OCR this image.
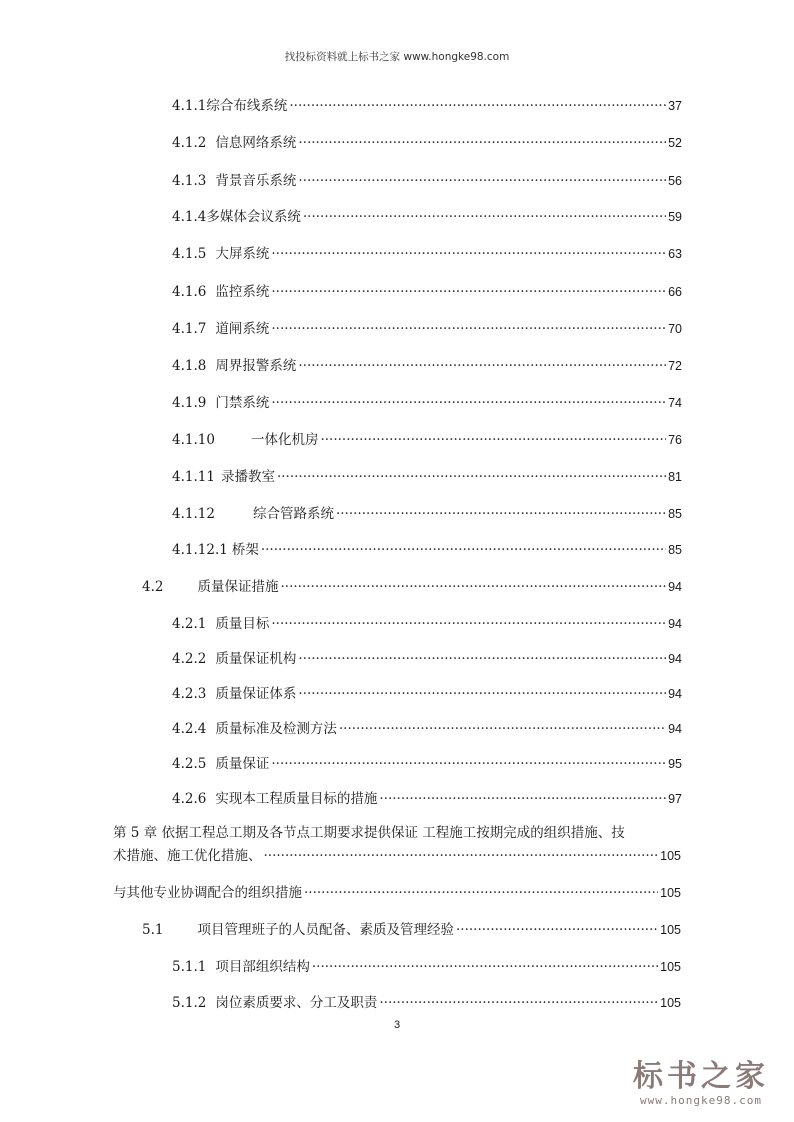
找投标资料就上标书之家 www.hongke98.com
4.1.1 综合布线系统 ·····	37
4.1.2 信息网络系统 ·····	52
4.1.3 背景音乐系统 ·····	56
4.1.4 多媒体会议系统 ·····	59
4.1.5 大屏系统 ·····	63
4.1.6 监控系统 ·····	66
4.1.7 道闸系统 ·····	70
4.1.8 周界报警系统 ·····	72
4.1.9 门禁系统 ·····	74
4.1.10	一体化机房 ·····	76
4.1.11 录播教室 ·····	81
4.1.12	综合管路系统 ·····	85
4.1.12.1 桥架 ·····	85
4.2	质量保证措施 ·····	94
4.2.1 质量目标 ·····	94
4.2.2 质量保证机构 ·····	94
4.2.3 质量保证体系 ·····	94
4.2.4 质量标准及检测方法 ·····	94
4.2.5 质量保证 ·····	95
4.2.6 实现本工程质量目标的措施 ·····	97
第 5 章 依据工程总工期及各节点工期要求提供保证 工程施工按期完成的组织措施、技
术措施、施工优化措施、 ·····	105
与其他专业协调配合的组织措施 ·····	105
5.1	项目管理班子的人员配备、素质及管理经验 ·····	105
5.1.1 项目部组织结构 ·····	105
5.1.2 岗位素质要求、分工及职责 ·····	105
3
标书之家
www.hongke98.com
